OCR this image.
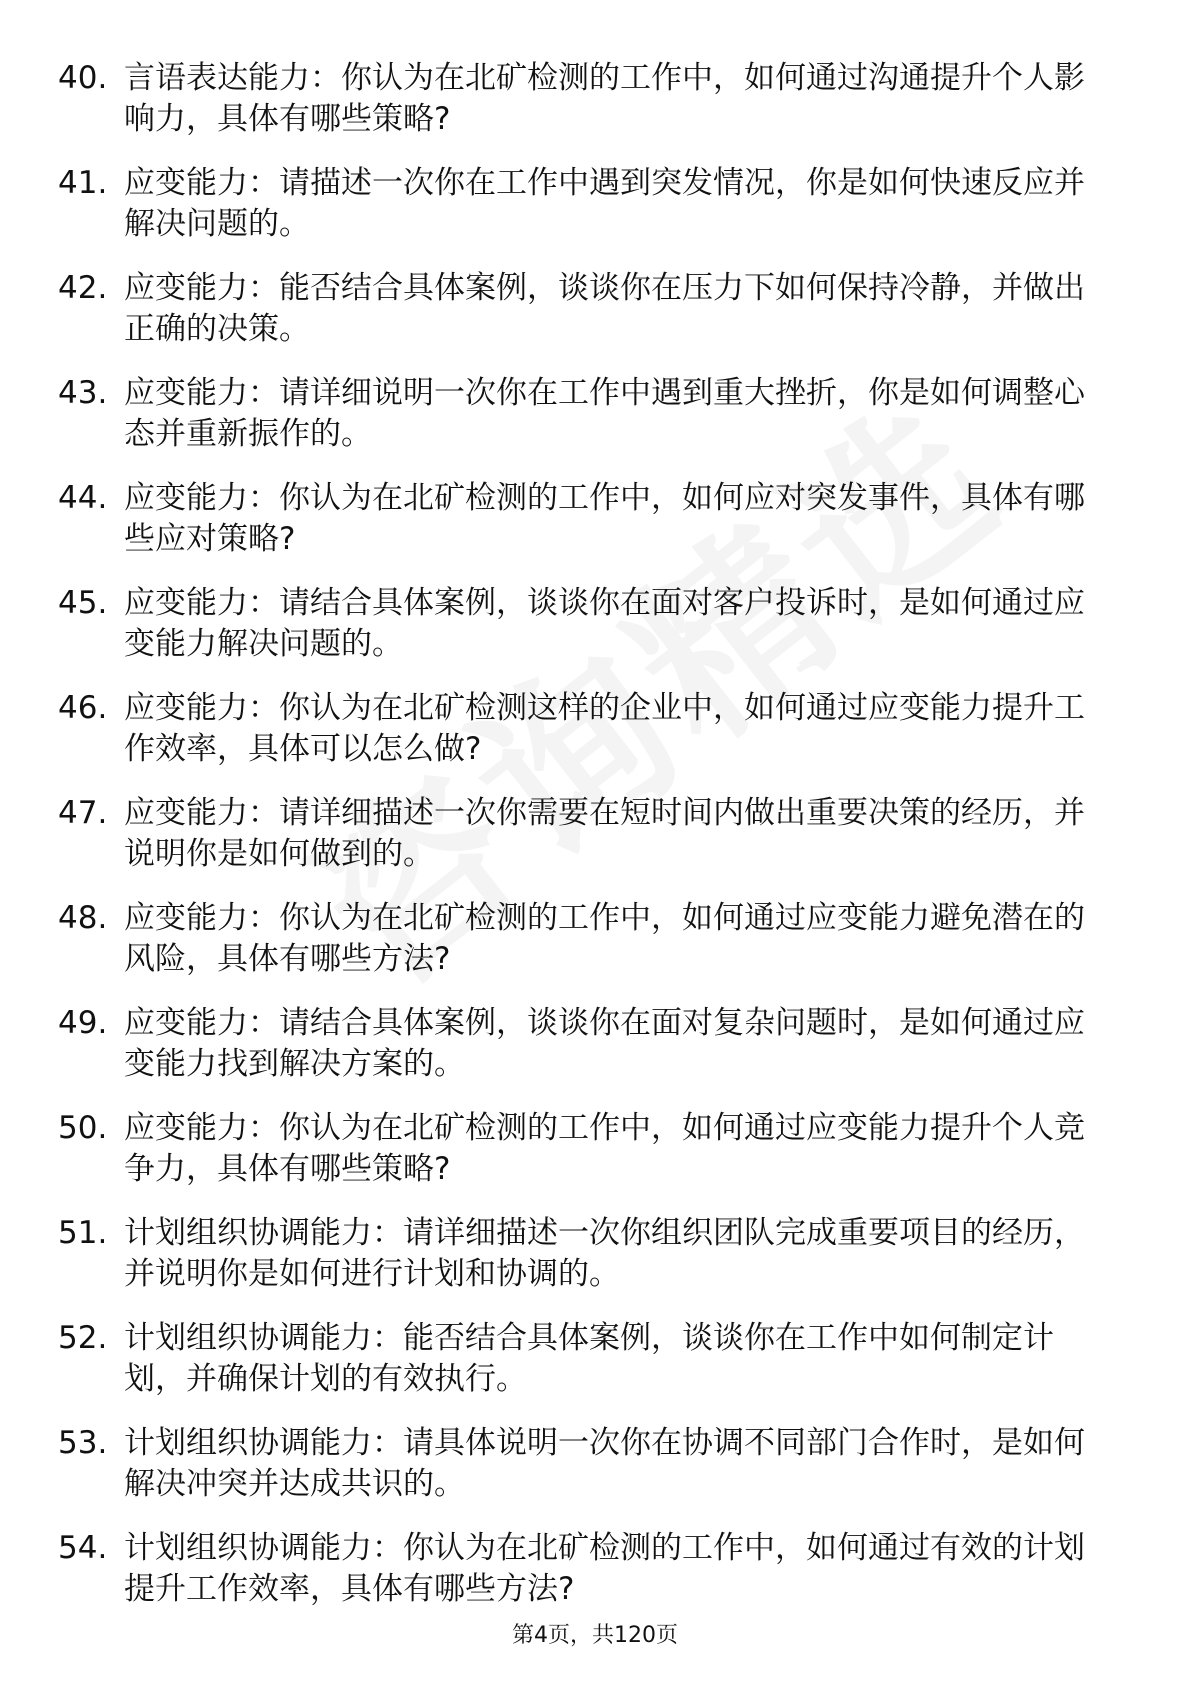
40. 言语表达能力：你认为在北矿检测的工作中，如何通过沟通提升个人影响力，具体有哪些策略?
41. 应变能力：请描述一次你在工作中遇到突发情况，你是如何快速反应并解决问题的。
42. 应变能力：能否结合具体案例，谈谈你在压力下如何保持冷静，并做出正确的决策。
43. 应变能力：请详细说明一次你在工作中遇到重大挫折，你是如何调整心态并重新振作的。
44. 应变能力：你认为在北矿检测的工作中，如何应对突发事件，具体有哪些应对策略?
45. 应变能力：请结合具体案例，谈谈你在面对客户投诉时，是如何通过应变能力解决问题的。
46. 应变能力：你认为在北矿检测这样的企业中，如何通过应变能力提升工作效率，具体可以怎么做?
47. 应变能力：请详细描述一次你需要在短时间内做出重要决策的经历，并说明你是如何做到的。
48. 应变能力：你认为在北矿检测的工作中，如何通过应变能力避免潜在的风险，具体有哪些方法?
49. 应变能力：请结合具体案例，谈谈你在面对复杂问题时，是如何通过应变能力找到解决方案的。
50. 应变能力：你认为在北矿检测的工作中，如何通过应变能力提升个人竞争力，具体有哪些策略?
51. 计划组织协调能力：请详细描述一次你组织团队完成重要项目的经历，并说明你是如何进行计划和协调的。
52. 计划组织协调能力：能否结合具体案例，谈谈你在工作中如何制定计划，并确保计划的有效执行。
53. 计划组织协调能力：请具体说明一次你在协调不同部门合作时，是如何解决冲突并达成共识的。
54. 计划组织协调能力：你认为在北矿检测的工作中，如何通过有效的计划提升工作效率，具体有哪些方法?
第4页，共120页
